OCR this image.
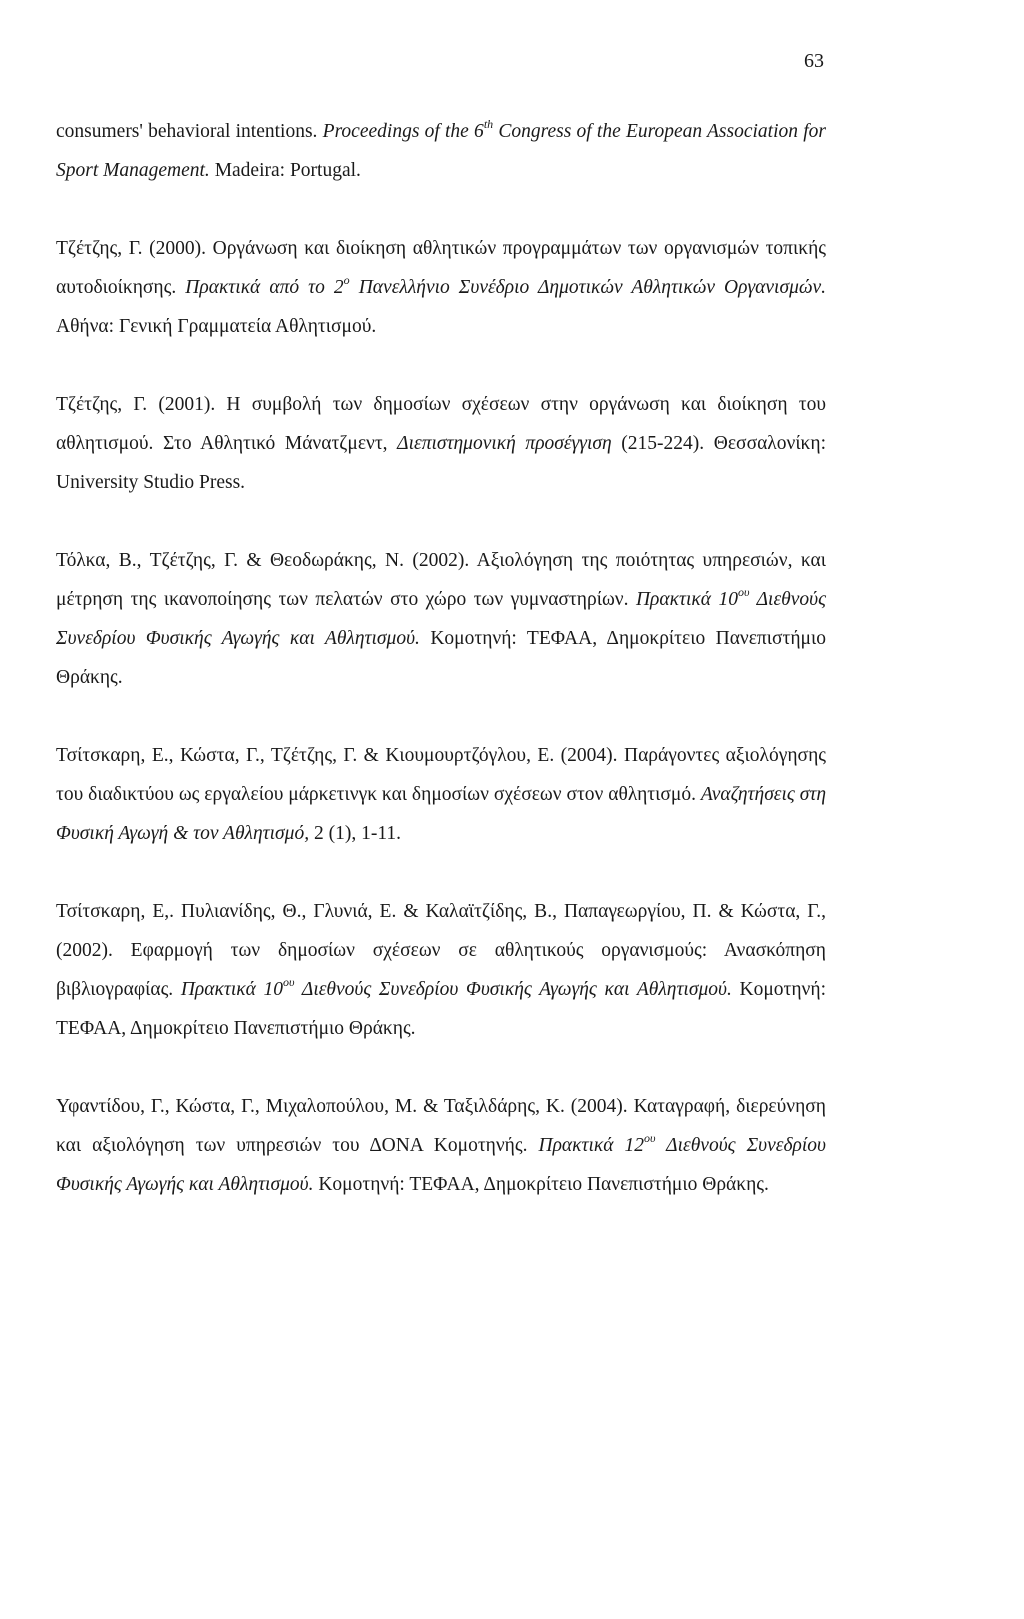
63

consumers' behavioral intentions. Proceedings of the 6th Congress of the European Association for Sport Management. Madeira: Portugal.

Τζέτζης, Γ. (2000). Οργάνωση και διοίκηση αθλητικών προγραμμάτων των οργανισμών τοπικής αυτοδιοίκησης. Πρακτικά από το $2^o$ Πανελλήνιο Συνέδριο Δημοτικών Αθλητικών Οργανισμών. Αθήνα: Γενική Γραμματεία Αθλητισμού.

Τζέτζης, Γ. (2001). Η συμβολή των δημοσίων σχέσεων στην οργάνωση και διοίκηση του αθλητισμού. Στο Αθλητικό Μάνατζμεντ, Διεπιστημονική προσέγγιση (215-224). Θεσσαλονίκη: University Studio Press.

Τόλκα, Β., Τζέτζης, Γ. & Θεοδωράκης, Ν. (2002). Αξιολόγηση της ποιότητας υπηρεσιών, και μέτρηση της ικανοποίησης των πελατών στο χώρο των γυμναστηρίων. Πρακτικά $10^{o\upsilon}$ Διεθνούς Συνεδρίου Φυσικής Αγωγής και Αθλητισμού. Κομοτηνή: ΤΕΦΑΑ, Δημοκρίτειο Πανεπιστήμιο Θράκης.

Τσίτσκαρη, Ε., Κώστα, Γ., Τζέτζης, Γ. & Κιουμουρτζόγλου, Ε. (2004). Παράγοντες αξιολόγησης του διαδικτύου ως εργαλείου μάρκετινγκ και δημοσίων σχέσεων στον αθλητισμό. Αναζητήσεις στη Φυσική Αγωγή & τον Αθλητισμό, 2 (1), 1-11.

Τσίτσκαρη, Ε,. Πυλιανίδης, Θ., Γλυνιά, Ε. & Καλαϊτζίδης, Β., Παπαγεωργίου, Π. & Κώστα, Γ., (2002). Εφαρμογή των δημοσίων σχέσεων σε αθλητικούς οργανισμούς: Ανασκόπηση βιβλιογραφίας. Πρακτικά $10^{o\upsilon}$ Διεθνούς Συνεδρίου Φυσικής Αγωγής και Αθλητισμού. Κομοτηνή: ΤΕΦΑΑ, Δημοκρίτειο Πανεπιστήμιο Θράκης.

Υφαντίδου, Γ., Κώστα, Γ., Μιχαλοπούλου, Μ. & Ταξιλδάρης, Κ. (2004). Καταγραφή, διερεύνηση και αξιολόγηση των υπηρεσιών του ΔΟΝΑ Κομοτηνής. Πρακτικά $12^{o\upsilon}$ Διεθνούς Συνεδρίου Φυσικής Αγωγής και Αθλητισμού. Κομοτηνή: ΤΕΦΑΑ, Δημοκρίτειο Πανεπιστήμιο Θράκης.
